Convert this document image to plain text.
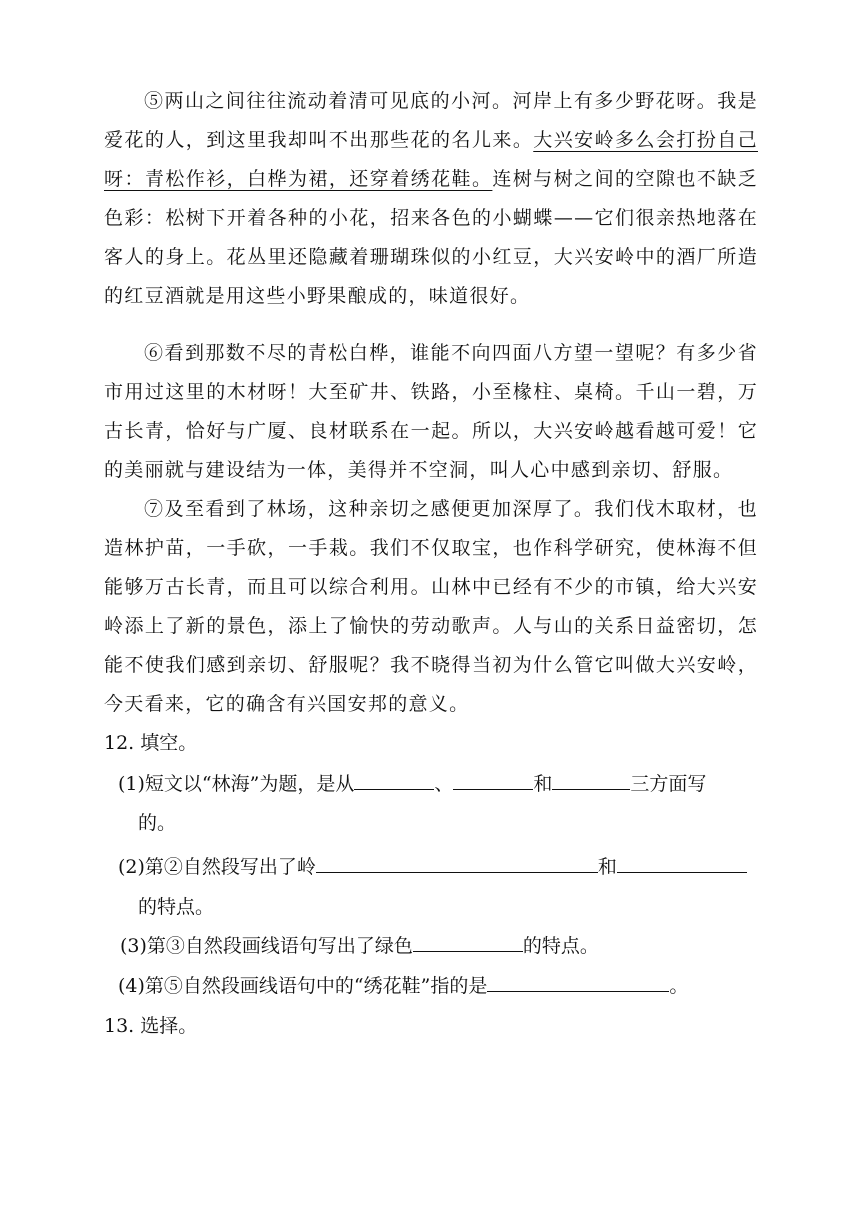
⑤两山之间往往流动着清可见底的小河。河岸上有多少野花呀。我是爱花的人，到这里我却叫不出那些花的名儿来。大兴安岭多么会打扮自己呀：青松作衫，白桦为裙，还穿着绣花鞋。连树与树之间的空隙也不缺乏色彩：松树下开着各种的小花，招来各色的小蝴蝶——它们很亲热地落在客人的身上。花丛里还隐藏着珊瑚珠似的小红豆，大兴安岭中的酒厂所造的红豆酒就是用这些小野果酿成的，味道很好。

⑥看到那数不尽的青松白桦，谁能不向四面八方望一望呢？有多少省市用过这里的木材呀！大至矿井、铁路，小至椽柱、桌椅。千山一碧，万古长青，恰好与广厦、良材联系在一起。所以，大兴安岭越看越可爱！它的美丽就与建设结为一体，美得并不空洞，叫人心中感到亲切、舒服。

⑦及至看到了林场，这种亲切之感便更加深厚了。我们伐木取材，也造林护苗，一手砍，一手栽。我们不仅取宝，也作科学研究，使林海不但能够万古长青，而且可以综合利用。山林中已经有不少的市镇，给大兴安岭添上了新的景色，添上了愉快的劳动歌声。人与山的关系日益密切，怎能不使我们感到亲切、舒服呢？我不晓得当初为什么管它叫做大兴安岭，今天看来，它的确含有兴国安邦的意义。

12. 填空。
(1)短文以“林海”为题，是从	、	和	三方面写
的。
(2)第②自然段写出了岭	和
的特点。
(3)第③自然段画线语句写出了绿色	的特点。
(4)第⑤自然段画线语句中的“绣花鞋”指的是	。
13. 选择。
